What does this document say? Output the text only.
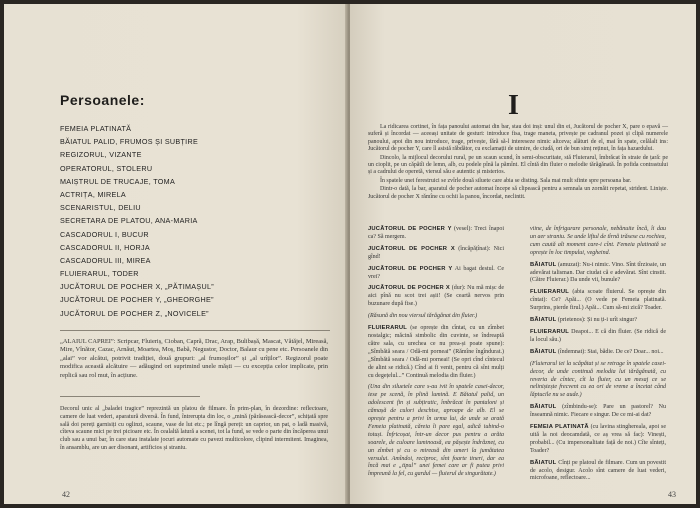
Persoanele:
FEMEIA PLATINATĂ
BĂIATUL PALID, FRUMOS ȘI SUBȚIRE
REGIZORUL, VIZANTE
OPERATORUL, STOLERU
MAIȘTRUL DE TRUCAJE, TOMA
ACTRIȚA, MIRELA
SCENARISTUL, DELIU
SECRETARA DE PLATOU, ANA-MARIA
CASCADORUL I, BUCUR
CASCADORUL II, HORJA
CASCADORUL III, MIREA
FLUIERARUL, TODER
JUCĂTORUL DE POCHER X, „PĂTIMAȘUL”
JUCĂTORUL DE POCHER Y, „GHEORGHE”
JUCĂTORUL DE POCHER Z, „NOVICELE”

„ALAIUL CAPREI”: Scripcar, Fluieriș, Cioban, Capră, Drac, Arap, Bulibașă, Mascat, Vătăjel, Mireasă, Mire, Vînător, Cazac, Arnăut, Moartea, Moș, Babă, Negustor, Doctor, Balaur cu pene etc. Persoanele din „alai” vor alcătui, potrivit tradiției, două grupuri: „al frumoșilor” și „al urîților”. Regizorul poate modifica această alcătuire — adăugind ori suprimind unele măști — cu excepția celor implicate, prin replică sau rol mut, în acțiune.

Decorul unic al „baladei tragice” reprezintă un platou de filmare. În prim-plan, în dezordine: reflectoare, camere de luat vederi, aparatură diversă. În fund, întrerupta din loc, o „mină (părăsească-decor”, schițată spre sală doi pereți garnisiți cu oglinzi, scaune, vase de lut etc.; pe lîngă pereți: un caprior, un pat, o ladă masivă, cîteva scaune mici pe trei picioare etc. În cealaltă latură a scenei, tot la fund, se vede o parte din încăperea unui club sau a unui bar, în care stau instalate jocuri automate cu pavezi multicolore, clipind intermitent. Imaginea, în ansamblu, are un aer disonant, artificios și straniu.

42
I

La ridicarea cortinei, în fața panoului automat din bar, stau doi inși: unul din ei, Jucătorul de pocher X, pare o epavă — suferă și încordat — aceeași unitate de gesturi: introduce fisa, trage maneta, privește pe cadranul pozei și clipă numerele panoului, apoi din nou introduce, trage, privește, fără să-l intereseze nimic altceva; alături de el, mai în spate, celălalt ins: Jucătorul de pocher Y, care îl asistă răbdător, cu exclamații de uimire, de ciudă, ori de bun simț reținut, în fața hazardului.

Dincolo, la mijlocul decorului rural, pe un scaun scund, în semi-obscuritate, stă Fluierarul, îmbrăcat în straie de țară: pe un cioplit, pe un căpătîi de lemn, alb, cu podele pînă la pămînt. El cîntă din fluier o melodie tărăgănată. În pofida contrastului și a cadrului de operetă, viersul său e autentic și misterios.

În spatele unei ferestruici se zvîrle două siluete care abia se disting. Sala mai mult sfinte spre persoana bar.

Dintr-o dată, la bar, aparatul de pocher automat începe să clipească pentru a semnala un zornăit repetat, strident. Liniște. Jucătorul de pocher X rămîne cu ochii la panou, încordat, neclintit.

JUCĂTORUL DE POCHER Y (vesel): Treci înapoi ca? Să mergem.
JUCĂTORUL DE POCHER X (încăpățînat): Nici gînd!
JUCĂTORUL DE POCHER Y Ai bagat destul. Ce vrei?
JUCĂTORUL DE POCHER X (dur): Nu mă mișc de aici pînă nu scot trei așii! (Se ceartă nervos prin buzunare după fise.)
(Răsună din nou viersul tărăgănat din fluier.)
FLUIERARUL (se oprește din cîntat, cu un zîmbet nostalgic; măcină simbolic din cuvinte, se îndreaptă către sala, cu urechea ce nu prea-și poate spune): „Sîmbătă seara / Odă-mi porneai” (Rămîne îngîndurat.) „Sîmbătă seara / Odă-mi porneai! (Se opri cînd cîntecul de alint se ridică.) Cînd ai fi venit, pentru că sînt mulți cu degețelul...” Continuă melodia din fluier.)
(Una din siluetele care s-au ivit în spatele casei-decor, iese pe scenă, în plină lumină. E Băiatul palid, un adolescent fin și subțiratic, îmbrăcat în pantaloni și cămașă de culori deschise, aproape de alb. El se oprește pentru a privi în urma lui, de unde se arată Femeia platinată, căreia îi pare egal, adică iubind-o totuși. Înfricoșat, într-un decor pus pentru a arăta soarele, de culoare luminoasă, ea pășește îndrăzneț, cu un zîmbet și cu o mireasă din umeri la jumătatea versului. Amîndoi, reciproc, sînt foarte tineri, dar ea încă mai e „tipul” unei femei care ar fi putea privi împreună la fel, cu gardul — fluierul de singurătate.)
viine, de înfrigurare personale, nebănuite încă, îi dau un aer straniu. Se unde liftul de tîrnă trăsese cu rochiea, cum caută alt moment care-i cînt. Femeia platinată se oprește în loc timpului, vegheind.
BĂIATUL (amuzat): Nu-i nimic. Vino. Sînt tîrzioaie, un adevărat talisman. Dar ciudat că e adevărat. Sînt cinstit. (Către Fluierar.) Da unde vii, bunule?
FLUIERARUL (abia scoate fluierul. Se oprește din cîntat): Ce? Apăi... (O vede pe Femeia platinată. Surprins, pierde firul.) Apăi... Cum să-mi zică? Toader.
BĂIATUL (prietenos): Și nu ți-i urît singur?
FLUIERARUL Deapoi... E că din fluier. (Se ridică de la locul său.)
BĂIATUL (îndemnat): Stai, bădie. De ce? Doar... noi...
(Fluierarul iei la scăpătat și se retrage în spatele casei-decor, de unde continuă melodia lui tărăgănată, cu reveria de cîntec, cît la fluier, cu un mesaj ce se neliniștește frecvent cu ea ori de vreme a încetat când lăptucile nu se aude.)
BĂIATUL (zîmbindu-se): Pare un pastorel? Nu înseamnă nimic. Fiecare e singur. De ce mi-ai dat?
FEMEIA PLATINATĂ (cu lavina stinghereala, apoi se uită la noi deocamdată, ce aș vrea să fac): Vinești, probabil... (Cu impersonalitate față de noi.) Cîte sînteți, Toader?
BĂIATUL Cînți pe platoul de filmare. Cum un povestit de acolo, desigur. Acolo sînt camere de luat vederi, microfoane, reflectoare...
43
